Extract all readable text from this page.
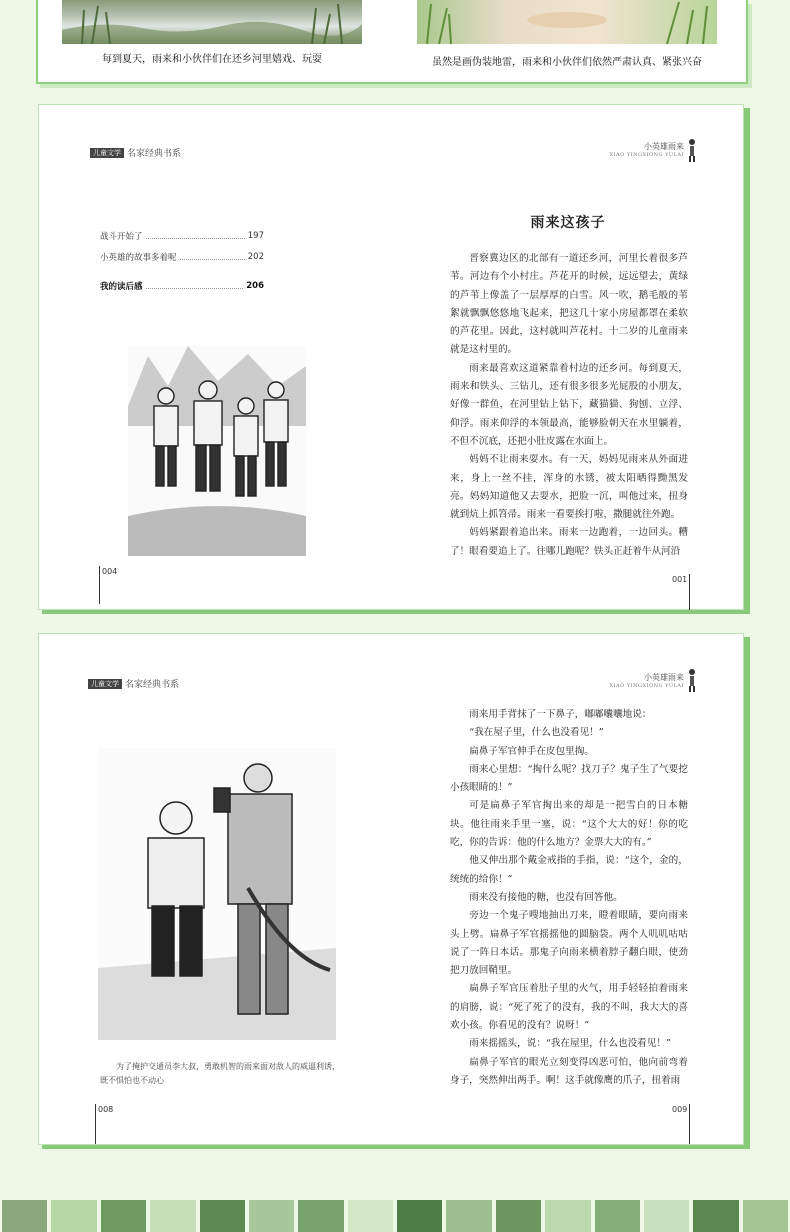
每到夏天，雨来和小伙伴们在还乡河里嬉戏、玩耍	虽然是画伪装地雷，雨来和小伙伴们依然严肃认真、紧张兴奋
儿童文学 名家经典书系
小英雄雨来
XIAO YINGXIONG YULAI
战斗开始了	197
小英雄的故事多着呢	202
我的读后感	206
雨来这孩子

晋察冀边区的北部有一道还乡河，河里长着很多芦苇。河边有个小村庄。芦花开的时候，远远望去，黄绿的芦苇上像盖了一层厚厚的白雪。风一吹，鹅毛般的苇絮就飘飘悠悠地飞起来，把这几十家小房屋都罩在柔软的芦花里。因此，这村就叫芦花村。十二岁的儿童雨来就是这村里的。

雨来最喜欢这道紧靠着村边的还乡河。每到夏天，雨来和铁头、三钻儿，还有很多很多光屁股的小朋友，好像一群鱼，在河里钻上钻下，藏猫猫、狗刨、立浮、仰浮。雨来仰浮的本领最高，能够脸朝天在水里躺着，不但不沉底，还把小肚皮露在水面上。

妈妈不让雨来耍水。有一天，妈妈见雨来从外面进来，身上一丝不挂，浑身的水锈，被太阳晒得黝黑发亮。妈妈知道他又去耍水，把脸一沉，叫他过来，扭身就到炕上抓笤帚。雨来一看要挨打啦，撒腿就往外跑。

妈妈紧跟着追出来。雨来一边跑着，一边回头。糟了！眼看要追上了。往哪儿跑呢？铁头正赶着牛从河沿

004
001
儿童文学 名家经典书系
小英雄雨来
XIAO YINGXIONG YULAI
为了掩护交通员李大叔，勇敢机智的雨来面对敌人的威逼利诱，既不惧怕也不动心

雨来用手背抹了一下鼻子，嘟嘟囔囔地说：

“我在屋子里，什么也没看见！”

扁鼻子军官伸手在皮包里掏。

雨来心里想：“掏什么呢？找刀子？鬼子生了气要挖小孩眼睛的！”

可是扁鼻子军官掏出来的却是一把雪白的日本糖块。他往雨来手里一塞，说：“这个大大的好！你的吃吃，你的告诉：他的什么地方？金票大大的有。”

他又伸出那个戴金戒指的手指，说：“这个，金的，统统的给你！”

雨来没有接他的糖，也没有回答他。

旁边一个鬼子嗖地抽出刀来，瞪着眼睛，要向雨来头上劈。扁鼻子军官摇摇他的圆脑袋。两个人叽叽咕咕说了一阵日本话。那鬼子向雨来横着脖子翻白眼，使劲把刀放回鞘里。

扁鼻子军官压着肚子里的火气，用手轻轻拍着雨来的肩膀，说：“死了死了的没有，我的不叫，我大大的喜欢小孩。你看见的没有？说呀！”

雨来摇摇头，说：“我在屋里，什么也没看见！”

扁鼻子军官的眼光立刻变得凶恶可怕，他向前弯着身子，突然伸出两手。啊！这手就像鹰的爪子，扭着雨

008	009
